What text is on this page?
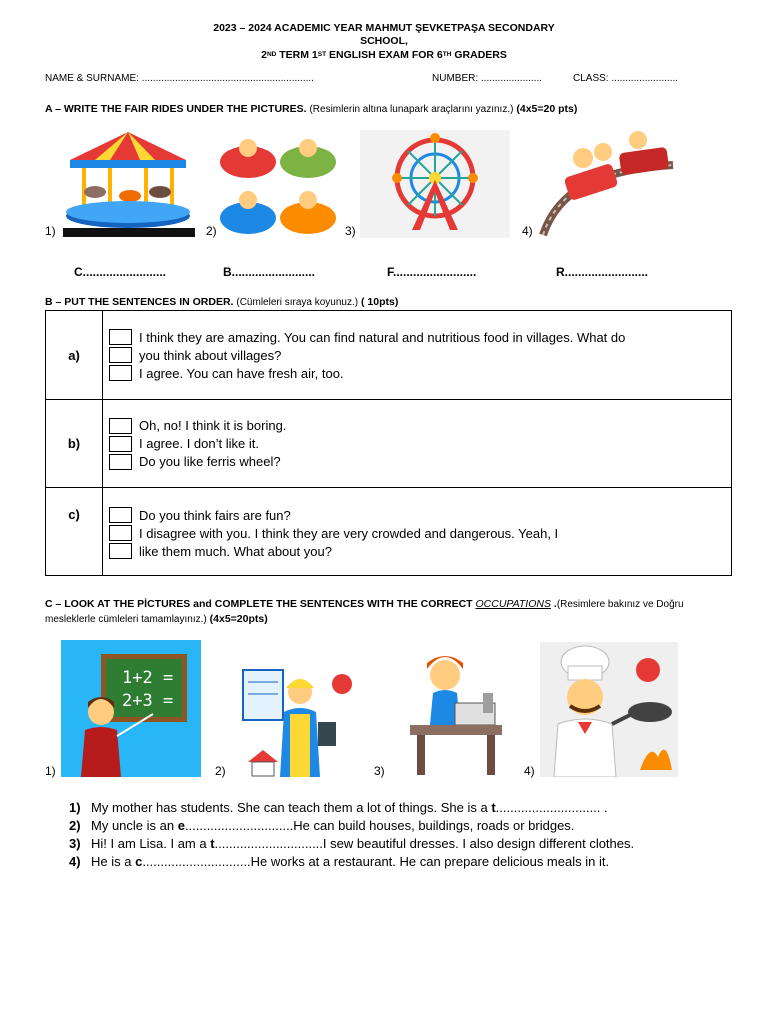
2023 – 2024 ACADEMIC YEAR MAHMUT ŞEVKETPAŞA SECONDARY
SCHOOL,
2ND TERM 1ST ENGLISH EXAM FOR 6TH GRADERS
NAME & SURNAME: ..............................................................	NUMBER: ......................	CLASS: ........................
A – WRITE THE FAIR RIDES UNDER THE PICTURES. (Resimlerin altına lunapark araçlarını yazınız.) (4x5=20 pts)
1)	2)	3)	4)
C.........................	B.........................	F.........................	R.........................
B – PUT THE SENTENCES IN ORDER. (Cümleleri sıraya koyunuz.) ( 10pts)
a)	I think they are amazing. You can find natural and nutritious food in villages. What do
you think about villages?
I agree. You can have fresh air, too.

b)	Oh, no! I think it is boring.
I agree. I don’t like it.
Do you like ferris wheel?

c)	Do you think fairs are fun?
I disagree with you. I think they are very crowded and dangerous. Yeah, I
like them much. What about you?
C – LOOK AT THE PİCTURES and COMPLETE THE SENTENCES WITH THE CORRECT OCCUPATIONS .(Resimlere bakınız ve Doğru
mesleklerle cümleleri tamamlayınız.) (4x5=20pts)
1)
1+2 =
2+3 =
2)	3)	4)
1) My mother has students. She can teach them a lot of things. She is a t............................. .
2) My uncle is an e..............................He can build houses, buildings, roads or bridges.
3) Hi! I am Lisa. I am a t..............................I sew beautiful dresses. I also design different clothes.
4) He is a c..............................He works at a restaurant. He can prepare delicious meals in it.
